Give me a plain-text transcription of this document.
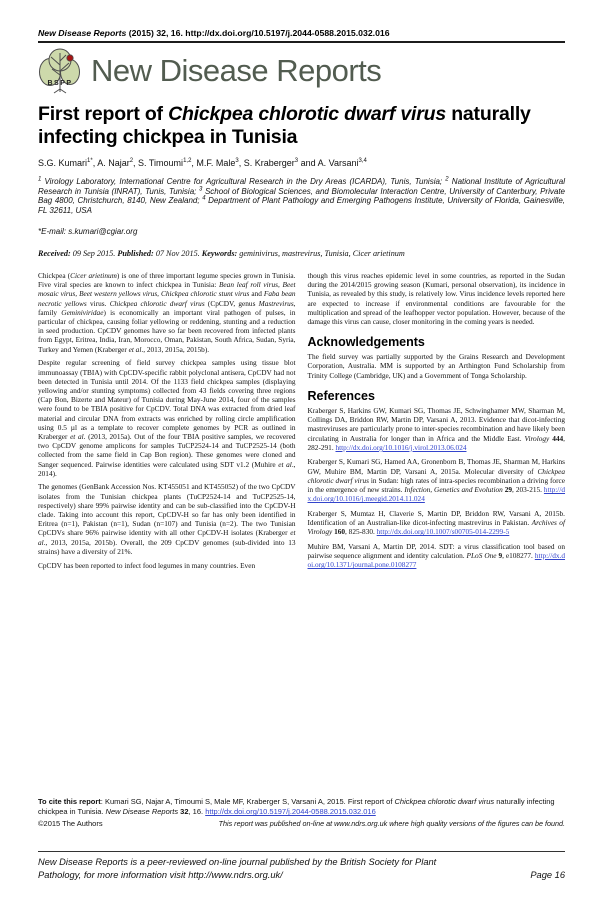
New Disease Reports (2015) 32, 16. http://dx.doi.org/10.5197/j.2044-0588.2015.032.016
BSPP New Disease Reports
First report of Chickpea chlorotic dwarf virus naturally infecting chickpea in Tunisia
S.G. Kumari$^{1*}$, A. Najar$^2$, S. Timoumi$^{1,2}$, M.F. Male$^3$, S. Kraberger$^3$ and A. Varsani$^{3,4}$
$^1$ Virology Laboratory, International Centre for Agricultural Research in the Dry Areas (ICARDA), Tunis, Tunisia; $^2$ National Institute of Agricultural Research in Tunisia (INRAT), Tunis, Tunisia; $^3$ School of Biological Sciences, and Biomolecular Interaction Centre, University of Canterbury, Private Bag 4800, Christchurch, 8140, New Zealand; $^4$ Department of Plant Pathology and Emerging Pathogens Institute, University of Florida, Gainesville, FL 32611, USA
*E-mail: s.kumari@cgiar.org
Received: 09 Sep 2015. Published: 07 Nov 2015. Keywords: geminivirus, mastrevirus, Tunisia, Cicer arietinum

Chickpea (Cicer arietinum) is one of three important legume species grown in Tunisia. Five viral species are known to infect chickpea in Tunisia: Bean leaf roll virus, Beet mosaic virus, Beet western yellows virus, Chickpea chlorotic stunt virus and Faba bean necrotic yellows virus. Chickpea chlorotic dwarf virus (CpCDV, genus Mastrevirus, family Geminiviridae) is economically an important viral pathogen of pulses, in particular of chickpea, causing foliar yellowing or reddening, stunting and a reduction in seed production. CpCDV genomes have so far been recovered from infected plants from Egypt, Eritrea, India, Iran, Morocco, Oman, Pakistan, South Africa, Sudan, Syria, Turkey and Yemen (Kraberger et al., 2013, 2015a, 2015b).

Despite regular screening of field survey chickpea samples using tissue blot immunoassay (TBIA) with CpCDV-specific rabbit polyclonal antisera, CpCDV had not been detected in Tunisia until 2014. Of the 1133 field chickpea samples (displaying yellowing and/or stunting symptoms) collected from 43 fields covering three regions (Cap Bon, Bizerte and Mateur) of Tunisia during May-June 2014, four of the samples were found to be TBIA positive for CpCDV. Total DNA was extracted from dried leaf material and circular DNA from extracts was enriched by rolling circle amplification using 0.5 µl as a template to recover complete genomes by PCR as outlined in Kraberger et al. (2013, 2015a). Out of the four TBIA positive samples, we recovered two CpCDV genome amplicons for samples TuCP2524-14 and TuCP2525-14 (both collected from the same field in Cap Bon region). These genomes were cloned and Sanger sequenced. Pairwise identities were calculated using SDT v1.2 (Muhire et al., 2014).

The genomes (GenBank Accession Nos. KT455051 and KT455052) of the two CpCDV isolates from the Tunisian chickpea plants (TuCP2524-14 and TuCP2525-14, respectively) share 99% pairwise identity and can be sub-classified into the CpCDV-H clade. Taking into account this report, CpCDV-H so far has only been identified in Eritrea (n=1), Pakistan (n=1), Sudan (n=107) and Tunisia (n=2). The two Tunisian CpCDVs share 96% pairwise identity with all other CpCDV-H isolates (Kraberger et al., 2013, 2015a, 2015b). Overall, the 209 CpCDV genomes (sub-divided into 13 strains) have a diversity of 21%.

CpCDV has been reported to infect food legumes in many countries. Even

though this virus reaches epidemic level in some countries, as reported in the Sudan during the 2014/2015 growing season (Kumari, personal observation), its incidence in Tunisia, as revealed by this study, is relatively low. Virus incidence levels reported here are expected to increase if environmental conditions are favourable for the multiplication and spread of the leafhopper vector population. However, because of the damage this virus can cause, closer monitoring in the coming years is needed.

Acknowledgements

The field survey was partially supported by the Grains Research and Development Corporation, Australia. MM is supported by an Arthington Fund Scholarship from Trinity College (Cambridge, UK) and a Government of Tonga Scholarship.

References

Kraberger S, Harkins GW, Kumari SG, Thomas JE, Schwinghamer MW, Sharman M, Collings DA, Briddon RW, Martin DP, Varsani A, 2013. Evidence that dicot-infecting mastreviruses are particularly prone to inter-species recombination and have likely been circulating in Australia for longer than in Africa and the Middle East. Virology 444, 282-291. http://dx.doi.org/10.1016/j.virol.2013.06.024

Kraberger S, Kumari SG, Hamed AA, Gronenborn B, Thomas JE, Sharman M, Harkins GW, Muhire BM, Martin DP, Varsani A, 2015a. Molecular diversity of Chickpea chlorotic dwarf virus in Sudan: high rates of intra-species recombination a driving force in the emergence of new strains. Infection, Genetics and Evolution 29, 203-215. http://dx.doi.org/10.1016/j.meegid.2014.11.024

Kraberger S, Mumtaz H, Claverie S, Martin DP, Briddon RW, Varsani A, 2015b. Identification of an Australian-like dicot-infecting mastrevirus in Pakistan. Archives of Virology 160, 825-830. http://dx.doi.org/10.1007/s00705-014-2299-5

Muhire BM, Varsani A, Martin DP, 2014. SDT: a virus classification tool based on pairwise sequence alignment and identity calculation. PLoS One 9, e108277. http://dx.doi.org/10.1371/journal.pone.0108277

To cite this report: Kumari SG, Najar A, Timoumi S, Male MF, Kraberger S, Varsani A, 2015. First report of Chickpea chlorotic dwarf virus naturally infecting chickpea in Tunisia. New Disease Reports 32, 16. http://dx.doi.org/10.5197/j.2044-0588.2015.032.016
©2015 The Authors	This report was published on-line at www.ndrs.org.uk where high quality versions of the figures can be found.
New Disease Reports is a peer-reviewed on-line journal published by the British Society for Plant Pathology, for more information visit http://www.ndrs.org.uk/	Page 16
